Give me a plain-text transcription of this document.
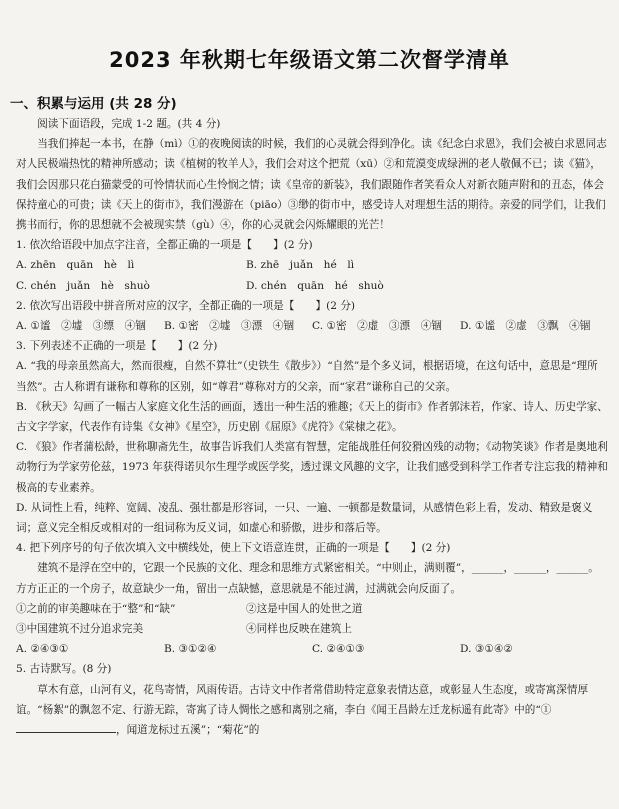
2023 年秋期七年级语文第二次督学清单
一、积累与运用 (共 28 分)

阅读下面语段，完成 1-2 题。(共 4 分)

当我们捧起一本书，在静（mì）①的夜晚阅读的时候，我们的心灵就会得到净化。读《纪念白求恩》，我们会被白求恩同志对人民极端热忱的精神所感动；读《植树的牧羊人》，我们会对这个把荒（xū）②和荒漠变成绿洲的老人敬佩不已；读《猫》，我们会因那只花白猫蒙受的可怜情状而心生怜悯之情；读《皇帝的新装》，我们跟随作者笑看众人对新衣随声附和的丑态，体会保持童心的可贵；读《天上的街市》，我们漫游在（piāo）③缈的街市中，感受诗人对理想生活的期待。亲爱的同学们，让我们携书而行，你的思想就不会被现实禁（gù）④，你的心灵就会闪烁耀眼的光芒！

1. 依次给语段中加点字注音，全都正确的一项是【　　】(2 分)

A. zhēn　quān　hè　lì	B. zhē　juǎn　hé　lì
C. chén　juǎn　hè　shuò	D. chén　quān　hé　shuò

2. 依次写出语段中拼音所对应的汉字，全都正确的一项是【　　】(2 分)

A. ①谧　②墟　③缥　④锢	B. ①密　②墟　③漂　④锢	C. ①密　②虚　③漂　④锢	D. ①谧　②虚　③飘　④锢

3. 下列表述不正确的一项是【　　】(2 分)

A. “我的母亲虽然高大，然而很瘦，自然不算壮”（史铁生《散步》）“自然”是个多义词，根据语境，在这句话中，意思是“理所当然”。古人称谓有谦称和尊称的区别，如“尊君”尊称对方的父亲，而“家君”谦称自己的父亲。

B. 《秋天》勾画了一幅古人家庭文化生活的画面，透出一种生活的雅趣；《天上的街市》作者郭沫若，作家、诗人、历史学家、古文字学家，代表作有诗集《女神》《星空》，历史剧《屈原》《虎符》《棠棣之花》。

C. 《狼》作者蒲松龄，世称聊斋先生，故事告诉我们人类富有智慧，定能战胜任何狡猾凶残的动物；《动物笑谈》作者是奥地利动物行为学家劳伦兹，1973 年获得诺贝尔生理学或医学奖，透过课文风趣的文字，让我们感受到科学工作者专注忘我的精神和极高的专业素养。

D. 从词性上看，纯粹、宽阔、凌乱、强壮都是形容词，一只、一遍、一顿都是数量词，从感情色彩上看，发动、精致是褒义词；意义完全相反或相对的一组词称为反义词，如虚心和骄傲，进步和落后等。

4. 把下列序号的句子依次填入文中横线处，使上下文语意连贯，正确的一项是【　　】(2 分)

建筑不是浮在空中的，它跟一个民族的文化、理念和思维方式紧密相关。“中则止，满则覆”，______，______，______。方方正正的一个房子，故意缺少一角，留出一点缺憾，意思就是不能过满，过满就会向反面了。

①之前的审美趣味在于“整”和“缺”	②这是中国人的处世之道
③中国建筑不过分追求完美	④同样也反映在建筑上
A. ②④③①	B. ③①②④	C. ②④①③	D. ③①④②

5. 古诗默写。(8 分)

草木有意，山河有义，花鸟寄情，风雨传语。古诗文中作者常借助特定意象表情达意，或彰显人生态度，或寄寓深情厚谊。“杨絮”的飘忽不定、行游无踪，寄寓了诗人惆怅之感和离别之痛，李白《闻王昌龄左迁龙标遥有此寄》中的“①，闻道龙标过五溪”；“菊花”的
